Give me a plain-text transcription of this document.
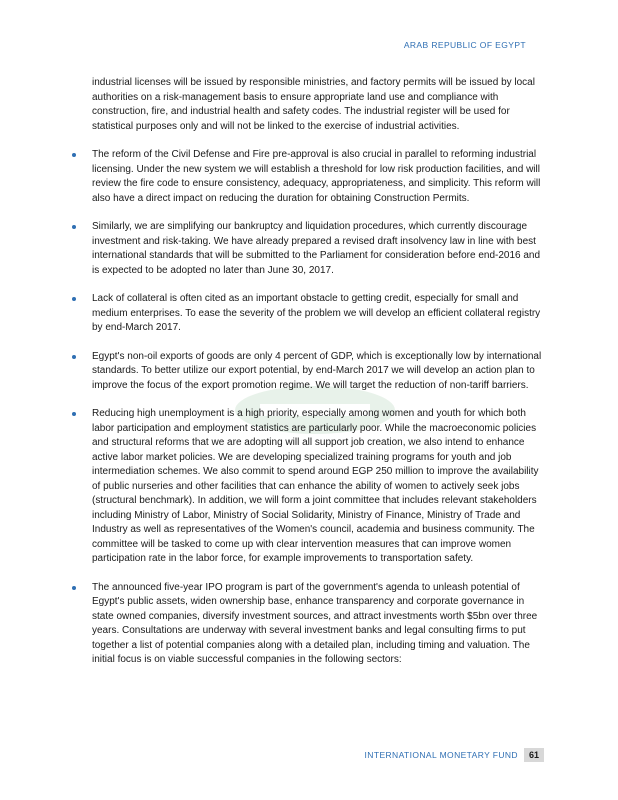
ARAB REPUBLIC OF EGYPT

industrial licenses will be issued by responsible ministries, and factory permits will be issued by local authorities on a risk-management basis to ensure appropriate land use and compliance with construction, fire, and industrial health and safety codes. The industrial register will be used for statistical purposes only and will not be linked to the exercise of industrial activities.

The reform of the Civil Defense and Fire pre-approval is also crucial in parallel to reforming industrial licensing. Under the new system we will establish a threshold for low risk production facilities, and will review the fire code to ensure consistency, adequacy, appropriateness, and simplicity. This reform will also have a direct impact on reducing the duration for obtaining Construction Permits.

Similarly, we are simplifying our bankruptcy and liquidation procedures, which currently discourage investment and risk-taking. We have already prepared a revised draft insolvency law in line with best international standards that will be submitted to the Parliament for consideration before end-2016 and is expected to be adopted no later than June 30, 2017.

Lack of collateral is often cited as an important obstacle to getting credit, especially for small and medium enterprises. To ease the severity of the problem we will develop an efficient collateral registry by end-March 2017.

Egypt's non-oil exports of goods are only 4 percent of GDP, which is exceptionally low by international standards. To better utilize our export potential, by end-March 2017 we will develop an action plan to improve the focus of the export promotion regime. We will target the reduction of non-tariff barriers.

Reducing high unemployment is a high priority, especially among women and youth for which both labor participation and employment statistics are particularly poor. While the macroeconomic policies and structural reforms that we are adopting will all support job creation, we also intend to enhance active labor market policies. We are developing specialized training programs for youth and job intermediation schemes. We also commit to spend around EGP 250 million to improve the availability of public nurseries and other facilities that can enhance the ability of women to actively seek jobs (structural benchmark). In addition, we will form a joint committee that includes relevant stakeholders including Ministry of Labor, Ministry of Social Solidarity, Ministry of Finance, Ministry of Trade and Industry as well as representatives of the Women's council, academia and business community. The committee will be tasked to come up with clear intervention measures that can improve women participation rate in the labor force, for example improvements to transportation safety.

The announced five-year IPO program is part of the government's agenda to unleash potential of Egypt's public assets, widen ownership base, enhance transparency and corporate governance in state owned companies, diversify investment sources, and attract investments worth $5bn over three years. Consultations are underway with several investment banks and legal consulting firms to put together a list of potential companies along with a detailed plan, including timing and valuation. The initial focus is on viable successful companies in the following sectors:

INTERNATIONAL MONETARY FUND	61
